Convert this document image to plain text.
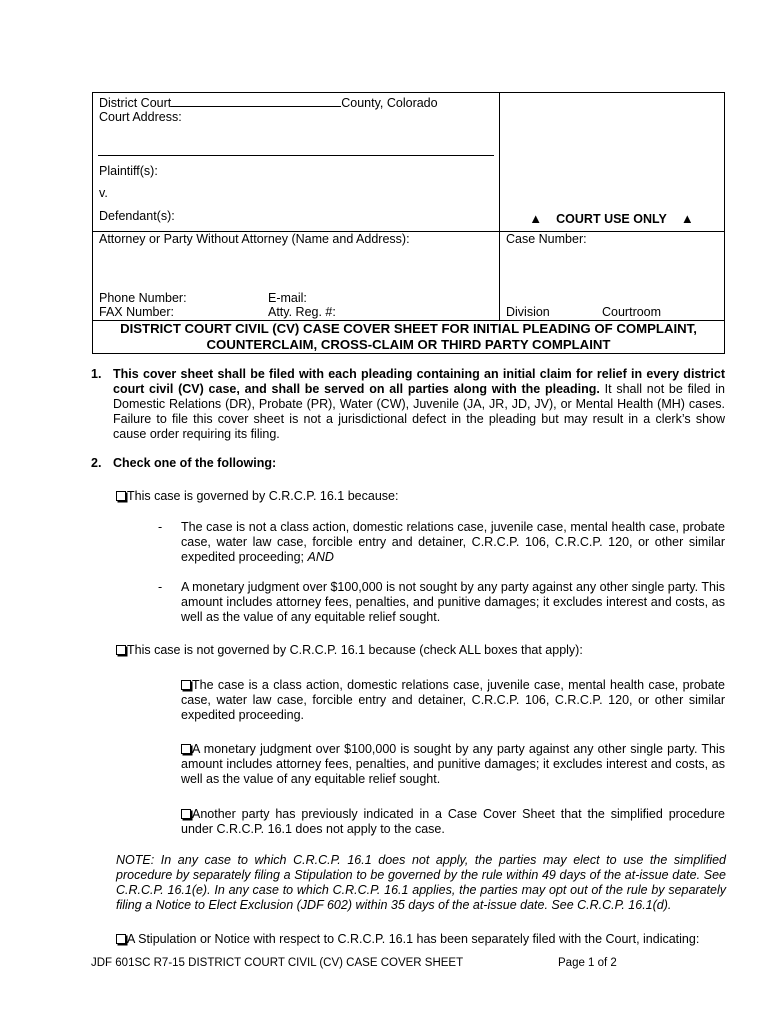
District Court	County, Colorado
Court Address:
Plaintiff(s):
v.
Defendant(s):	▲ COURT USE ONLY ▲
Attorney or Party Without Attorney (Name and Address):	Case Number:
Phone Number:	E-mail:
FAX Number:	Atty. Reg. #:	Division	Courtroom
DISTRICT COURT CIVIL (CV) CASE COVER SHEET FOR INITIAL PLEADING OF COMPLAINT,
COUNTERCLAIM, CROSS-CLAIM OR THIRD PARTY COMPLAINT
1. This cover sheet shall be filed with each pleading containing an initial claim for relief in every district court civil (CV) case, and shall be served on all parties along with the pleading. It shall not be filed in Domestic Relations (DR), Probate (PR), Water (CW), Juvenile (JA, JR, JD, JV), or Mental Health (MH) cases. Failure to file this cover sheet is not a jurisdictional defect in the pleading but may result in a clerk’s show cause order requiring its filing.
2. Check one of the following:
This case is governed by C.R.C.P. 16.1 because:
- The case is not a class action, domestic relations case, juvenile case, mental health case, probate case, water law case, forcible entry and detainer, C.R.C.P. 106, C.R.C.P. 120, or other similar expedited proceeding; AND
- A monetary judgment over $100,000 is not sought by any party against any other single party. This amount includes attorney fees, penalties, and punitive damages; it excludes interest and costs, as well as the value of any equitable relief sought.
This case is not governed by C.R.C.P. 16.1 because (check ALL boxes that apply):
The case is a class action, domestic relations case, juvenile case, mental health case, probate case, water law case, forcible entry and detainer, C.R.C.P. 106, C.R.C.P. 120, or other similar expedited proceeding.
A monetary judgment over $100,000 is sought by any party against any other single party. This amount includes attorney fees, penalties, and punitive damages; it excludes interest and costs, as well as the value of any equitable relief sought.
Another party has previously indicated in a Case Cover Sheet that the simplified procedure under C.R.C.P. 16.1 does not apply to the case.
NOTE: In any case to which C.R.C.P. 16.1 does not apply, the parties may elect to use the simplified procedure by separately filing a Stipulation to be governed by the rule within 49 days of the at-issue date. See C.R.C.P. 16.1(e). In any case to which C.R.C.P. 16.1 applies, the parties may opt out of the rule by separately filing a Notice to Elect Exclusion (JDF 602) within 35 days of the at-issue date. See C.R.C.P. 16.1(d).
A Stipulation or Notice with respect to C.R.C.P. 16.1 has been separately filed with the Court, indicating:
JDF 601SC R7-15 DISTRICT COURT CIVIL (CV) CASE COVER SHEET	Page 1 of 2
